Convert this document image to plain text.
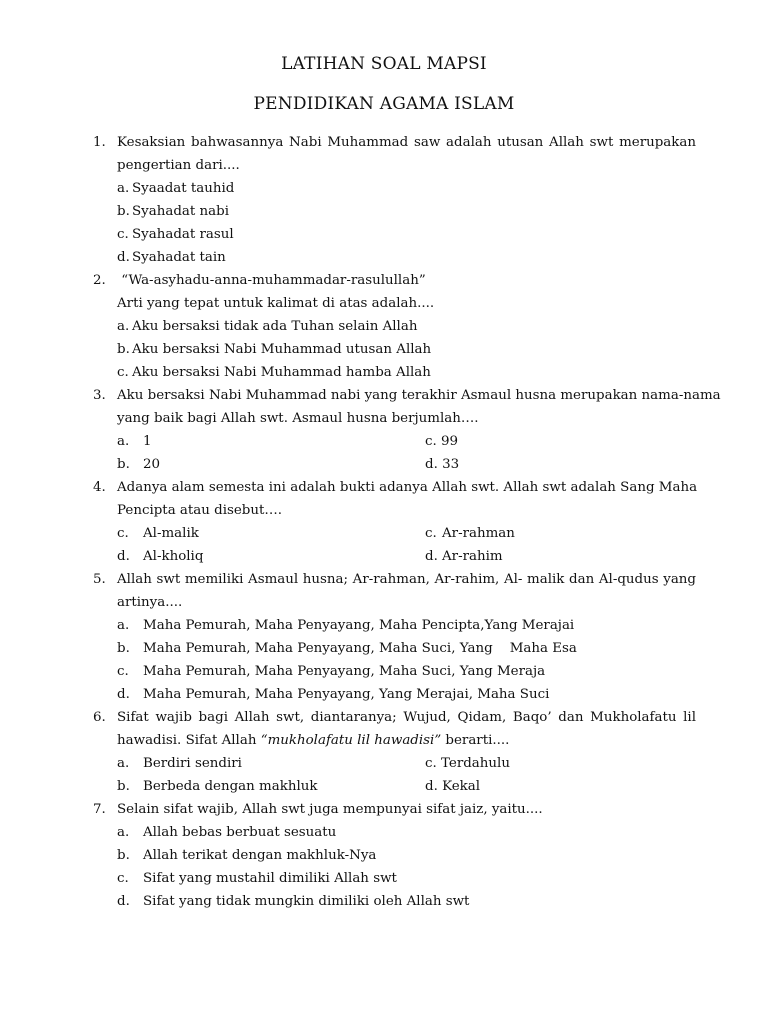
LATIHAN SOAL MAPSI
PENDIDIKAN AGAMA ISLAM
1. Kesaksian bahwasannya Nabi Muhammad saw adalah utusan Allah swt merupakan
pengertian dari....
a. Syaadat tauhid
b. Syahadat nabi
c. Syahadat rasul
d. Syahadat tain
2. “Wa-asyhadu-anna-muhammadar-rasulullah”
Arti yang tepat untuk kalimat di atas adalah....
a. Aku bersaksi tidak ada Tuhan selain Allah
b. Aku bersaksi Nabi Muhammad utusan Allah
c. Aku bersaksi Nabi Muhammad hamba Allah
3. Aku bersaksi Nabi Muhammad nabi yang terakhir Asmaul husna merupakan nama-nama
yang baik bagi Allah swt. Asmaul husna berjumlah….
a. 1	c. 99
b. 20	d. 33
4. Adanya alam semesta ini adalah bukti adanya Allah swt. Allah swt adalah Sang Maha
Pencipta atau disebut….
c. Al-malik	c. Ar-rahman
d. Al-kholiq	d. Ar-rahim
5. Allah swt memiliki Asmaul husna; Ar-rahman, Ar-rahim, Al- malik dan Al-qudus yang
artinya....
a. Maha Pemurah, Maha Penyayang, Maha Pencipta,Yang Merajai
b. Maha Pemurah, Maha Penyayang, Maha Suci, Yang    Maha Esa
c. Maha Pemurah, Maha Penyayang, Maha Suci, Yang Meraja
d. Maha Pemurah, Maha Penyayang, Yang Merajai, Maha Suci
6. Sifat wajib bagi Allah swt, diantaranya; Wujud, Qidam, Baqo’ dan Mukholafatu lil
hawadisi. Sifat Allah “mukholafatu lil hawadisi” berarti....
a. Berdiri sendiri	c. Terdahulu
b. Berbeda dengan makhluk	d. Kekal
7. Selain sifat wajib, Allah swt juga mempunyai sifat jaiz, yaitu....
a. Allah bebas berbuat sesuatu
b. Allah terikat dengan makhluk-Nya
c. Sifat yang mustahil dimiliki Allah swt
d. Sifat yang tidak mungkin dimiliki oleh Allah swt
